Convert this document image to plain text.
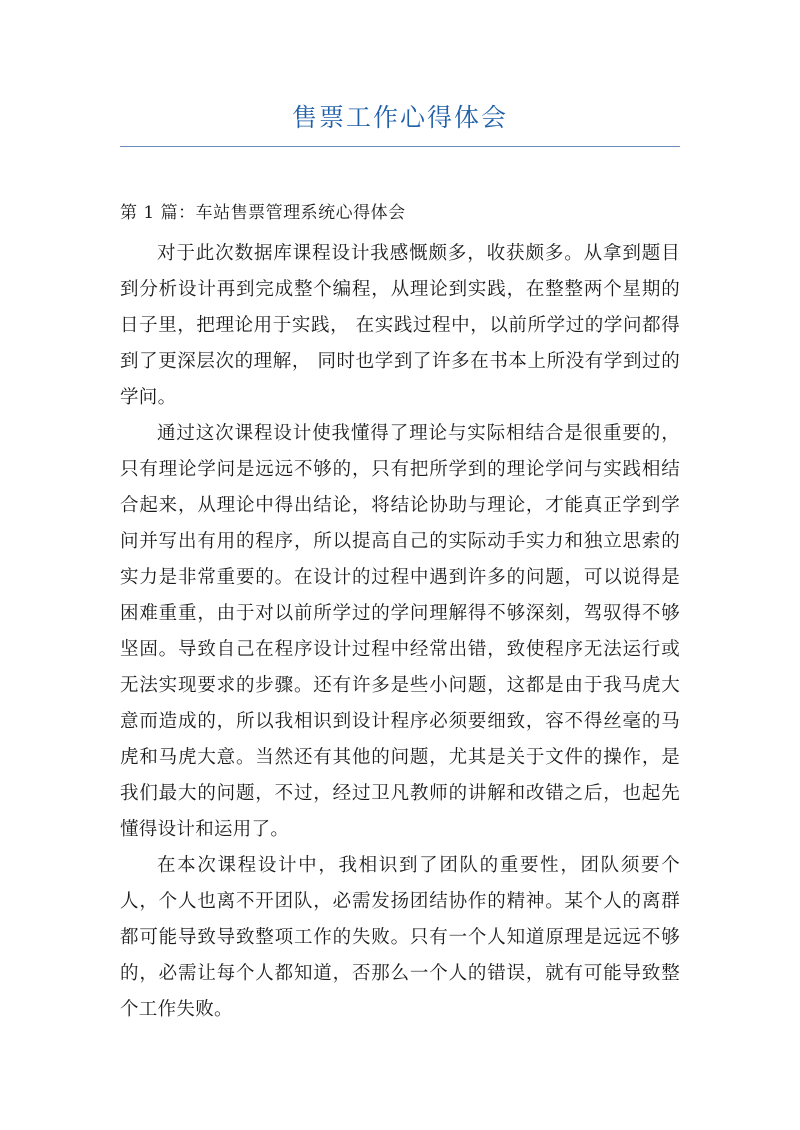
售票工作心得体会
第 1 篇：车站售票管理系统心得体会

对于此次数据库课程设计我感慨颇多，收获颇多。从拿到题目到分析设计再到完成整个编程，从理论到实践，在整整两个星期的日子里，把理论用于实践， 在实践过程中，以前所学过的学问都得到了更深层次的理解， 同时也学到了许多在书本上所没有学到过的学问。

通过这次课程设计使我懂得了理论与实际相结合是很重要的，只有理论学问是远远不够的，只有把所学到的理论学问与实践相结合起来，从理论中得出结论，将结论协助与理论，才能真正学到学问并写出有用的程序，所以提高自己的实际动手实力和独立思索的实力是非常重要的。在设计的过程中遇到许多的问题，可以说得是困难重重，由于对以前所学过的学问理解得不够深刻，驾驭得不够坚固。导致自己在程序设计过程中经常出错，致使程序无法运行或无法实现要求的步骤。还有许多是些小问题，这都是由于我马虎大意而造成的，所以我相识到设计程序必须要细致，容不得丝毫的马虎和马虎大意。当然还有其他的问题，尤其是关于文件的操作，是我们最大的问题，不过，经过卫凡教师的讲解和改错之后，也起先懂得设计和运用了。

在本次课程设计中，我相识到了团队的重要性，团队须要个人，个人也离不开团队，必需发扬团结协作的精神。某个人的离群都可能导致导致整项工作的失败。只有一个人知道原理是远远不够的，必需让每个人都知道，否那么一个人的错误，就有可能导致整个工作失败。
